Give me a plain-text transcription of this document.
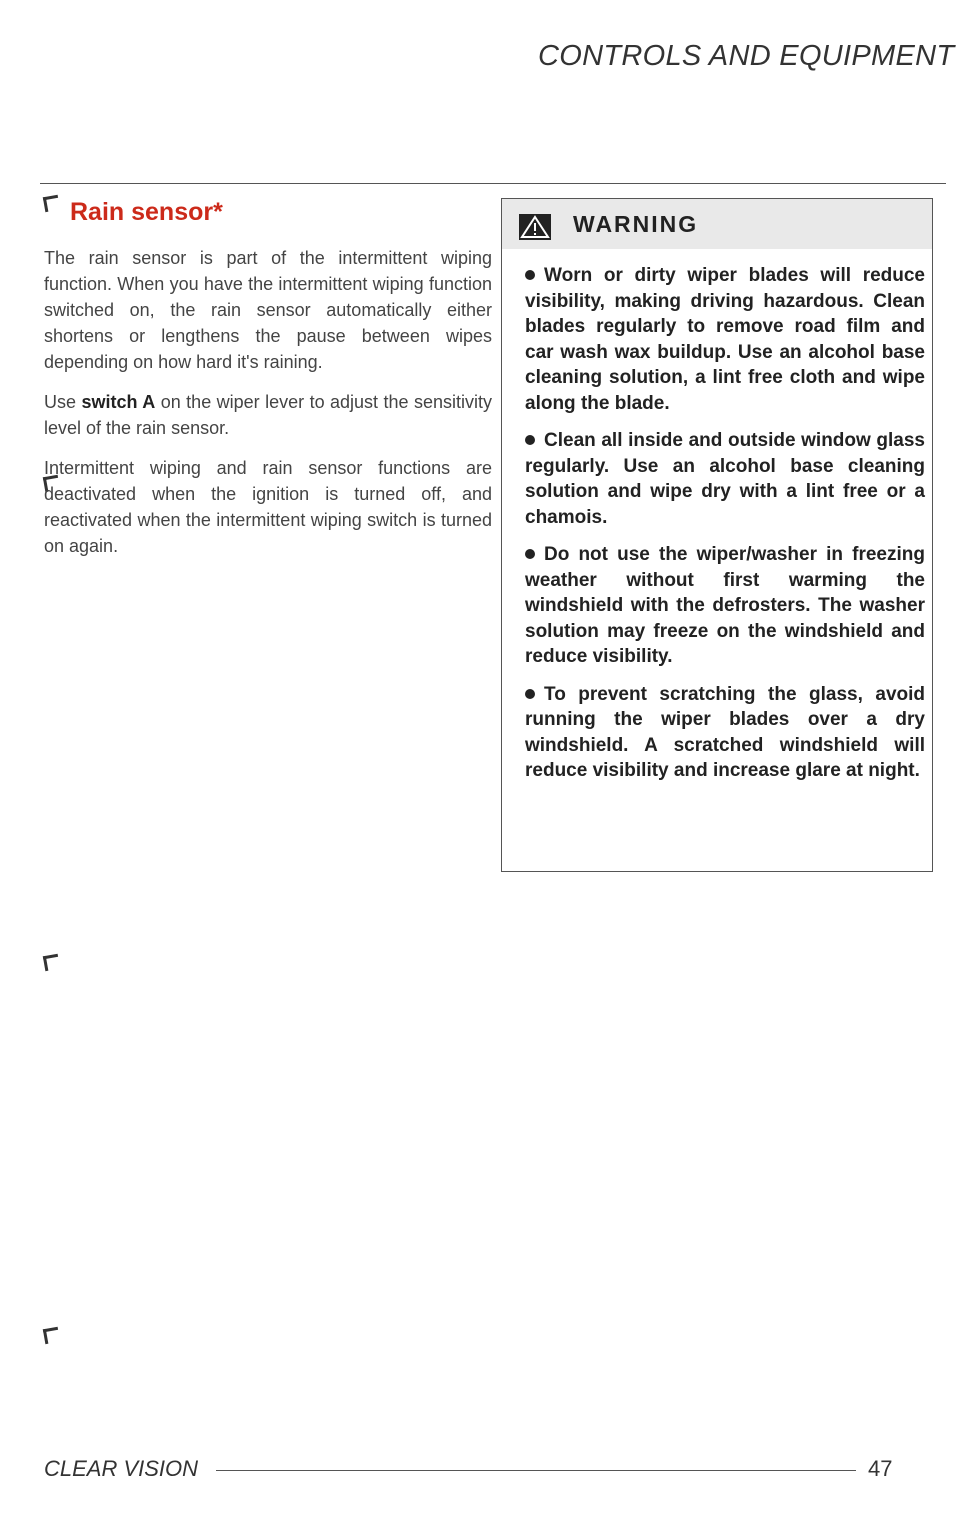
CONTROLS AND EQUIPMENT
Rain sensor*

The rain sensor is part of the intermittent wiping function. When you have the intermittent wiping function switched on, the rain sensor automatically either shortens or lengthens the pause between wipes depending on how hard it's raining.

Use switch A on the wiper lever to adjust the sensitivity level of the rain sensor.

Intermittent wiping and rain sensor functions are deactivated when the ignition is turned off, and reactivated when the intermittent wiping switch is turned on again.

WARNING

Worn or dirty wiper blades will reduce visibility, making driving hazardous. Clean blades regularly to remove road film and car wash wax buildup. Use an alcohol base cleaning solution, a lint free cloth and wipe along the blade.

Clean all inside and outside window glass regularly. Use an alcohol base cleaning solution and wipe dry with a lint free or a chamois.

Do not use the wiper/washer in freezing weather without first warming the windshield with the defrosters. The washer solution may freeze on the windshield and reduce visibility.

To prevent scratching the glass, avoid running the wiper blades over a dry windshield. A scratched windshield will reduce visibility and increase glare at night.

CLEAR VISION	47
